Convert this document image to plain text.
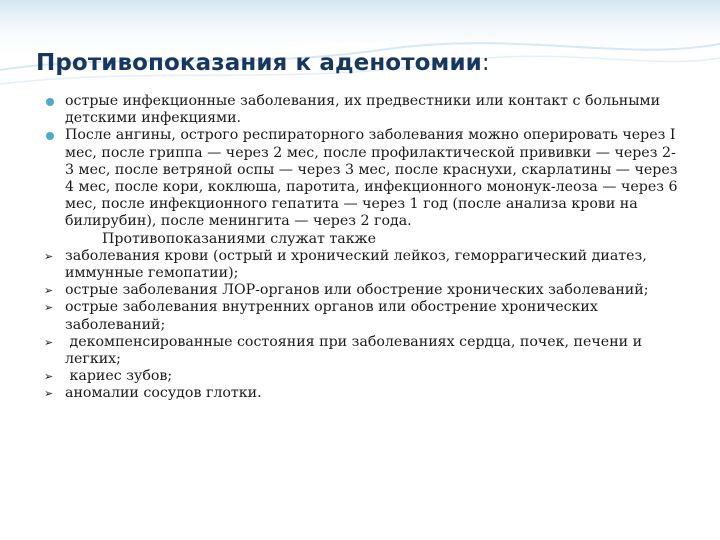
Противопоказания к аденотомии:

острые инфекционные заболевания, их предвестники или контакт с больными детскими инфекциями.

После ангины, острого респираторного заболевания можно оперировать через I мес, после гриппа — через 2 мес, после профилактической прививки — через 2-3 мес, после ветряной оспы — через 3 мес, после краснухи, скарлатины — через 4 мес, после кори, коклюша, паротита, инфекционного мононук-леоза — через 6 мес, после инфекционного гепатита — через 1 год (после анализа крови на билирубин), после менингита — через 2 года.

Противопоказаниями служат также

➢ заболевания крови (острый и хронический лейкоз, геморрагический диатез, иммунные гемопатии);

➢ острые заболевания ЛОР-органов или обострение хронических заболеваний;

➢ острые заболевания внутренних органов или обострение хронических заболеваний;

➢ декомпенсированные состояния при заболеваниях сердца, почек, печени и легких;

➢ кариес зубов;

➢ аномалии сосудов глотки.
